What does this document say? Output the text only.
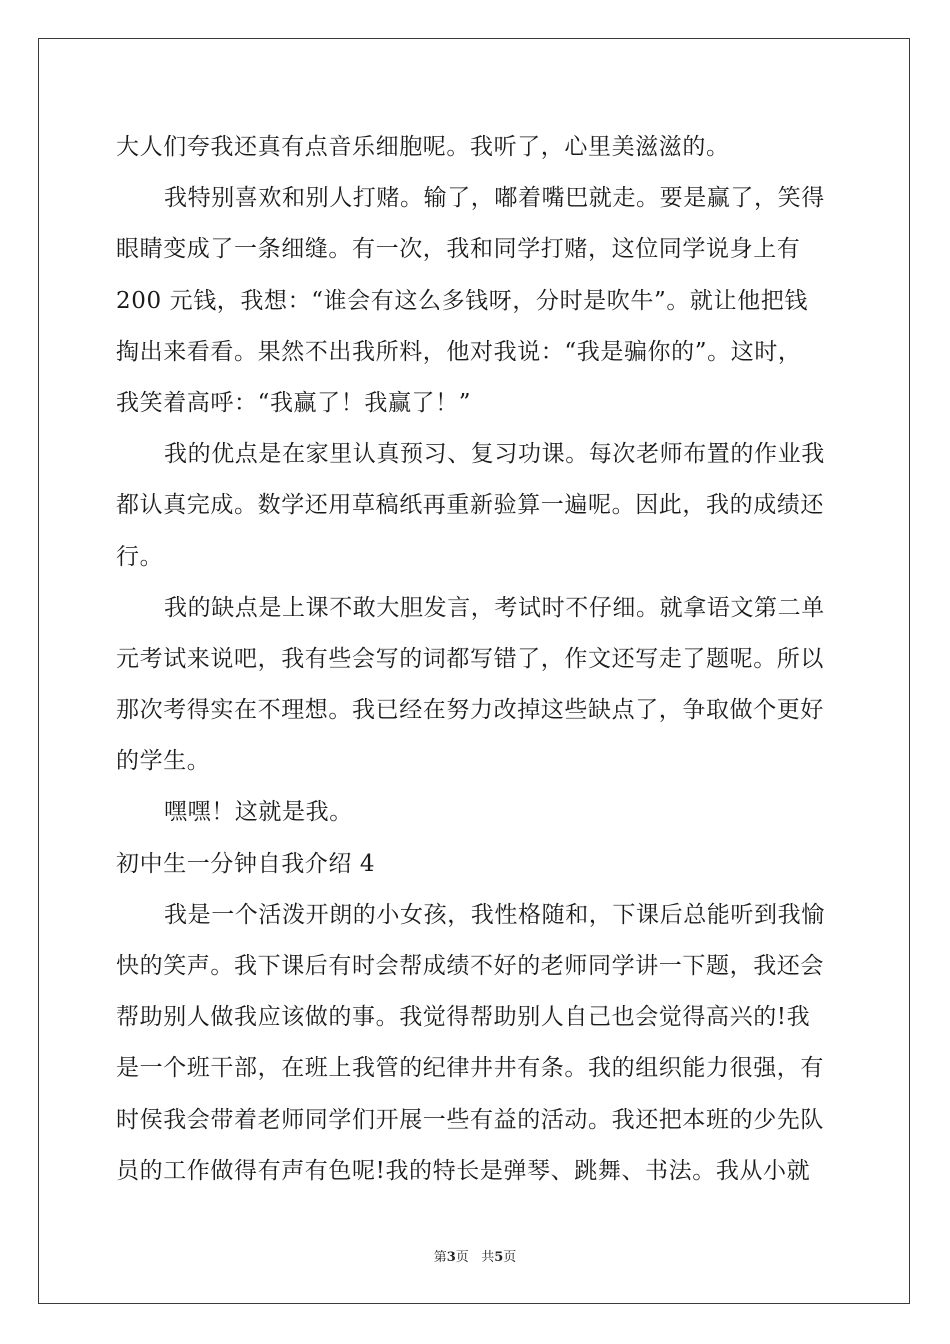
大人们夸我还真有点音乐细胞呢。我听了，心里美滋滋的。
我特别喜欢和别人打赌。输了，嘟着嘴巴就走。要是赢了，笑得
眼睛变成了一条细缝。有一次，我和同学打赌，这位同学说身上有
200 元钱，我想：“谁会有这么多钱呀，分时是吹牛”。就让他把钱
掏出来看看。果然不出我所料，他对我说：“我是骗你的”。这时，
我笑着高呼：“我赢了！我赢了！”
我的优点是在家里认真预习、复习功课。每次老师布置的作业我
都认真完成。数学还用草稿纸再重新验算一遍呢。因此，我的成绩还
行。
我的缺点是上课不敢大胆发言，考试时不仔细。就拿语文第二单
元考试来说吧，我有些会写的词都写错了，作文还写走了题呢。所以
那次考得实在不理想。我已经在努力改掉这些缺点了，争取做个更好
的学生。
嘿嘿！这就是我。
初中生一分钟自我介绍 4
我是一个活泼开朗的小女孩，我性格随和，下课后总能听到我愉
快的笑声。我下课后有时会帮成绩不好的老师同学讲一下题，我还会
帮助别人做我应该做的事。我觉得帮助别人自己也会觉得高兴的!我
是一个班干部，在班上我管的纪律井井有条。我的组织能力很强，有
时侯我会带着老师同学们开展一些有益的活动。我还把本班的少先队
员的工作做得有声有色呢!我的特长是弹琴、跳舞、书法。我从小就
第3页 共5页
